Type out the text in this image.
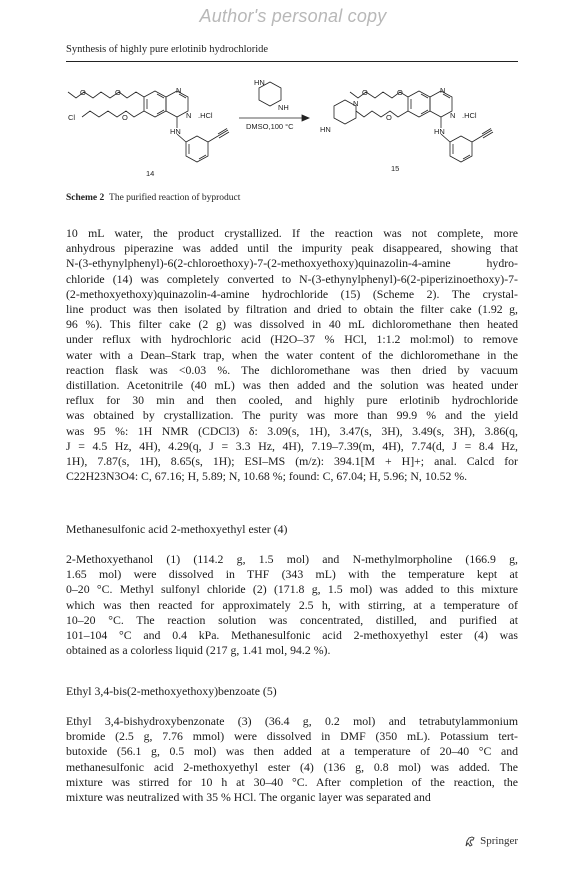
Author's personal copy
Synthesis of highly pure erlotinib hydrochloride
O	O	N
N .HCl
O
Cl
HN
14
HN
NH
DMSO,100 °C
O	O	N
N .HCl
O
N
HN	HN
15
Scheme 2 The purified reaction of byproduct
10 mL water, the product crystallized. If the reaction was not complete, more
anhydrous piperazine was added until the impurity peak disappeared, showing that
N-(3-ethynylphenyl)-6(2-chloroethoxy)-7-(2-methoxyethoxy)quinazolin-4-amine hydro-
chloride (14) was completely converted to N-(3-ethynylphenyl)-6(2-piperizinoethoxy)-7-
(2-methoxyethoxy)quinazolin-4-amine hydrochloride (15) (Scheme 2). The crystal-
line product was then isolated by filtration and dried to obtain the filter cake (1.92 g,
96 %). This filter cake (2 g) was dissolved in 40 mL dichloromethane then heated
under reflux with hydrochloric acid (H2O–37 % HCl, 1:1.2 mol:mol) to remove
water with a Dean–Stark trap, when the water content of the dichloromethane in the
reaction flask was <0.03 %. The dichloromethane was then dried by vacuum
distillation. Acetonitrile (40 mL) was then added and the solution was heated under
reflux for 30 min and then cooled, and highly pure erlotinib hydrochloride
was obtained by crystallization. The purity was more than 99.9 % and the yield
was 95 %: 1H NMR (CDCl3) δ: 3.09(s, 1H), 3.47(s, 3H), 3.49(s, 3H), 3.86(q,
J = 4.5 Hz, 4H), 4.29(q, J = 3.3 Hz, 4H), 7.19–7.39(m, 4H), 7.74(d, J = 8.4 Hz,
1H), 7.87(s, 1H), 8.65(s, 1H); ESI–MS (m/z): 394.1[M + H]+; anal. Calcd for
C22H23N3O4: C, 67.16; H, 5.89; N, 10.68 %; found: C, 67.04; H, 5.96; N, 10.52 %.
Methanesulfonic acid 2-methoxyethyl ester (4)
2-Methoxyethanol (1) (114.2 g, 1.5 mol) and N-methylmorpholine (166.9 g,
1.65 mol) were dissolved in THF (343 mL) with the temperature kept at
0–20 °C. Methyl sulfonyl chloride (2) (171.8 g, 1.5 mol) was added to this mixture
which was then reacted for approximately 2.5 h, with stirring, at a temperature of
10–20 °C. The reaction solution was concentrated, distilled, and purified at
101–104 °C and 0.4 kPa. Methanesulfonic acid 2-methoxyethyl ester (4) was
obtained as a colorless liquid (217 g, 1.41 mol, 94.2 %).
Ethyl 3,4-bis(2-methoxyethoxy)benzoate (5)
Ethyl 3,4-bishydroxybenzonate (3) (36.4 g, 0.2 mol) and tetrabutylammonium
bromide (2.5 g, 7.76 mmol) were dissolved in DMF (350 mL). Potassium tert-
butoxide (56.1 g, 0.5 mol) was then added at a temperature of 20–40 °C and
methanesulfonic acid 2-methoxyethyl ester (4) (136 g, 0.8 mol) was added. The
mixture was stirred for 10 h at 30–40 °C. After completion of the reaction, the
mixture was neutralized with 35 % HCl. The organic layer was separated and
Springer
